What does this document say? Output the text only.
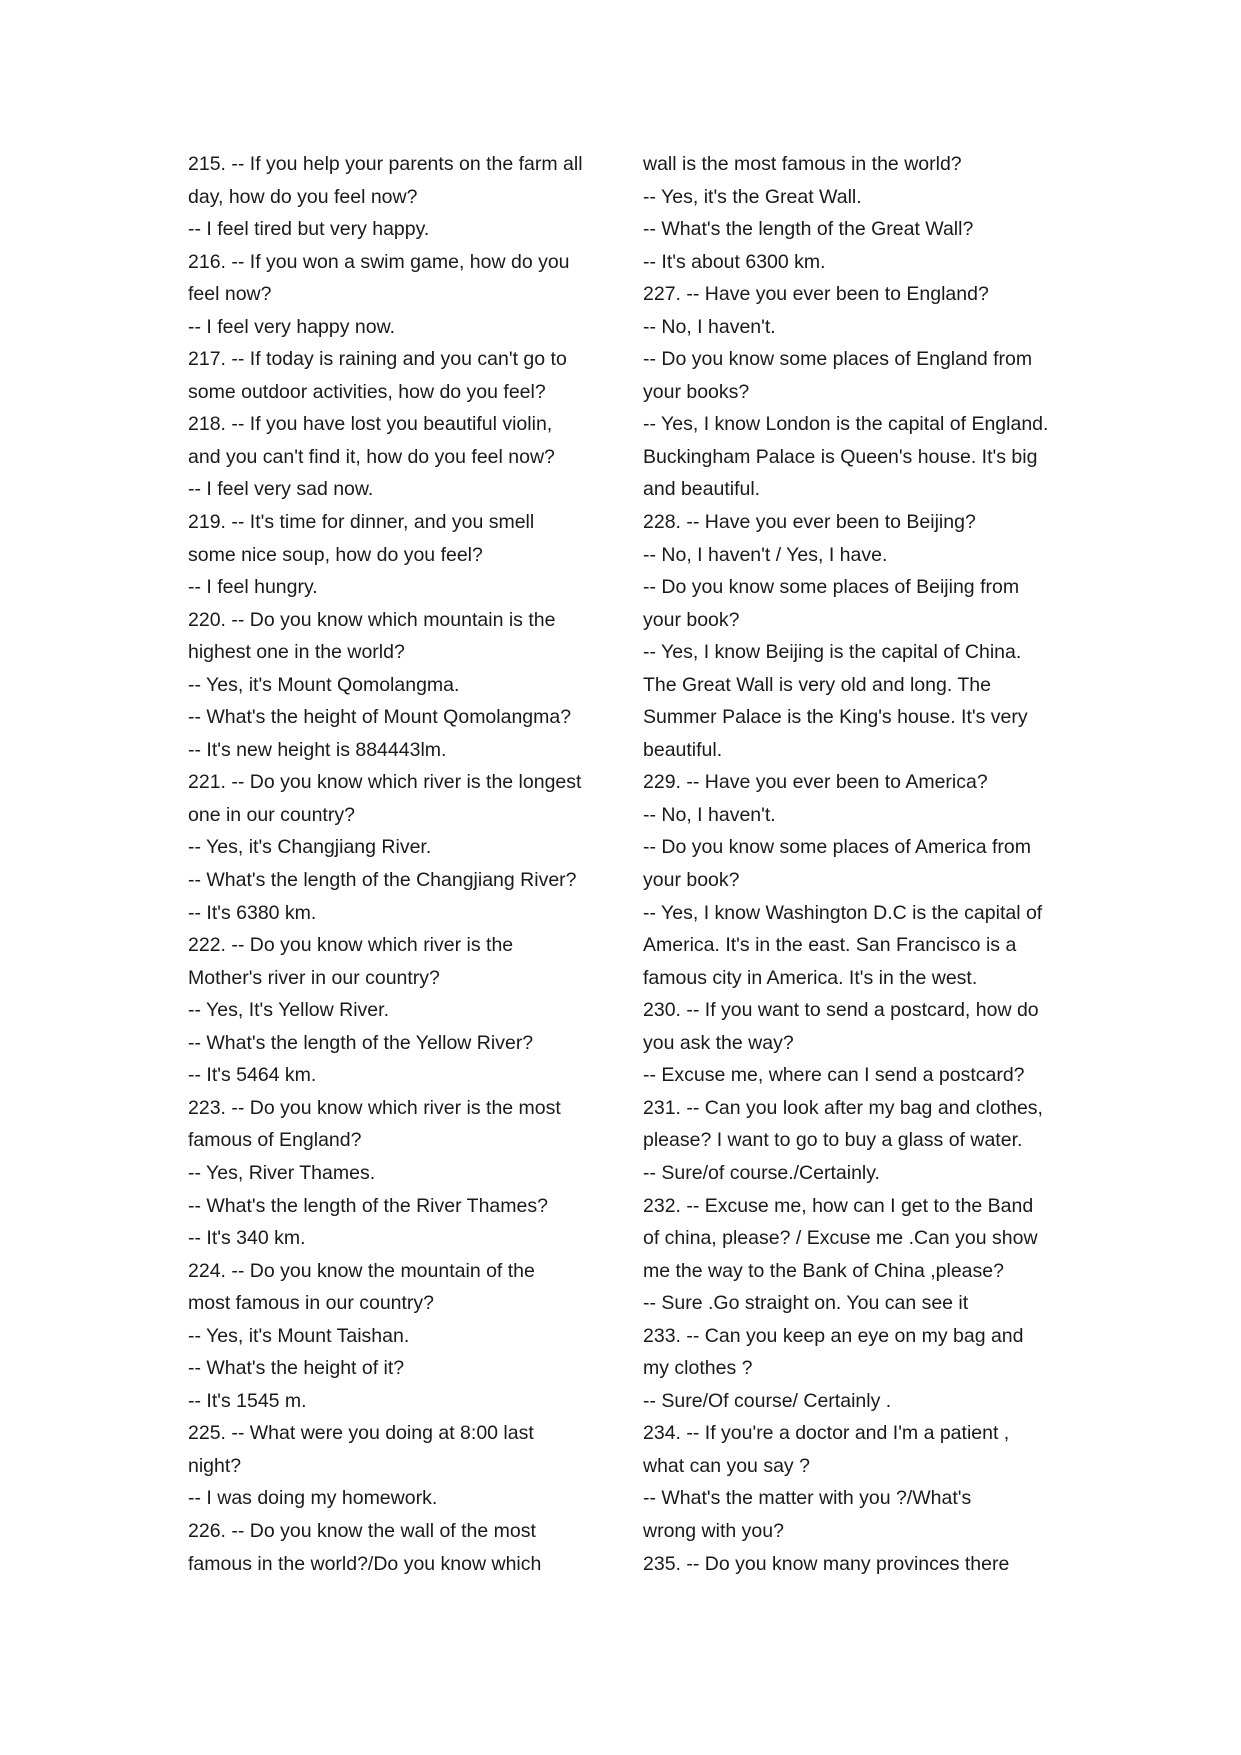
215. -- If you help your parents on the farm all
day, how do you feel now?
-- I feel tired but very happy.
216. -- If you won a swim game, how do you
feel now?
-- I feel very happy now.
217. -- If today is raining and you can't go to
some outdoor activities, how do you feel?
218. -- If you have lost you beautiful violin,
and you can't find it, how do you feel now?
-- I feel very sad now.
219. -- It's time for dinner, and you smell
some nice soup, how do you feel?
-- I feel hungry.
220. -- Do you know which mountain is the
highest one in the world?
-- Yes, it's Mount Qomolangma.
-- What's the height of Mount Qomolangma?
-- It's new height is 884443lm.
221. -- Do you know which river is the longest
one in our country?
-- Yes, it's Changjiang River.
-- What's the length of the Changjiang River?
-- It's 6380 km.
222. -- Do you know which river is the
Mother's river in our country?
-- Yes, It's Yellow River.
-- What's the length of the Yellow River?
-- It's 5464 km.
223. -- Do you know which river is the most
famous of England?
-- Yes, River Thames.
-- What's the length of the River Thames?
-- It's 340 km.
224. -- Do you know the mountain of the
most famous in our country?
-- Yes, it's Mount Taishan.
-- What's the height of it?
-- It's 1545 m.
225. -- What were you doing at 8:00 last
night?
-- I was doing my homework.
226. -- Do you know the wall of the most
famous in the world?/Do you know which
wall is the most famous in the world?
-- Yes, it's the Great Wall.
-- What's the length of the Great Wall?
-- It's about 6300 km.
227. -- Have you ever been to England?
-- No, I haven't.
-- Do you know some places of England from
your books?
-- Yes, I know London is the capital of England.
Buckingham Palace is Queen's house. It's big
and beautiful.
228. -- Have you ever been to Beijing?
-- No, I haven't / Yes, I have.
-- Do you know some places of Beijing from
your book?
-- Yes, I know Beijing is the capital of China.
The Great Wall is very old and long. The
Summer Palace is the King's house. It's very
beautiful.
229. -- Have you ever been to America?
-- No, I haven't.
-- Do you know some places of America from
your book?
-- Yes, I know Washington D.C is the capital of
America. It's in the east. San Francisco is a
famous city in America. It's in the west.
230. -- If you want to send a postcard, how do
you ask the way?
-- Excuse me, where can I send a postcard?
231. -- Can you look after my bag and clothes,
please? I want to go to buy a glass of water.
-- Sure/of course./Certainly.
232. -- Excuse me, how can I get to the Band
of china, please? / Excuse me .Can you show
me the way to the Bank of China ,please?
-- Sure .Go straight on. You can see it
233. -- Can you keep an eye on my bag and
my clothes ?
-- Sure/Of course/ Certainly .
234. -- If you're a doctor and I'm a patient ,
what can you say ?
-- What's the matter with you ?/What's
wrong with you?
235. -- Do you know many provinces there
